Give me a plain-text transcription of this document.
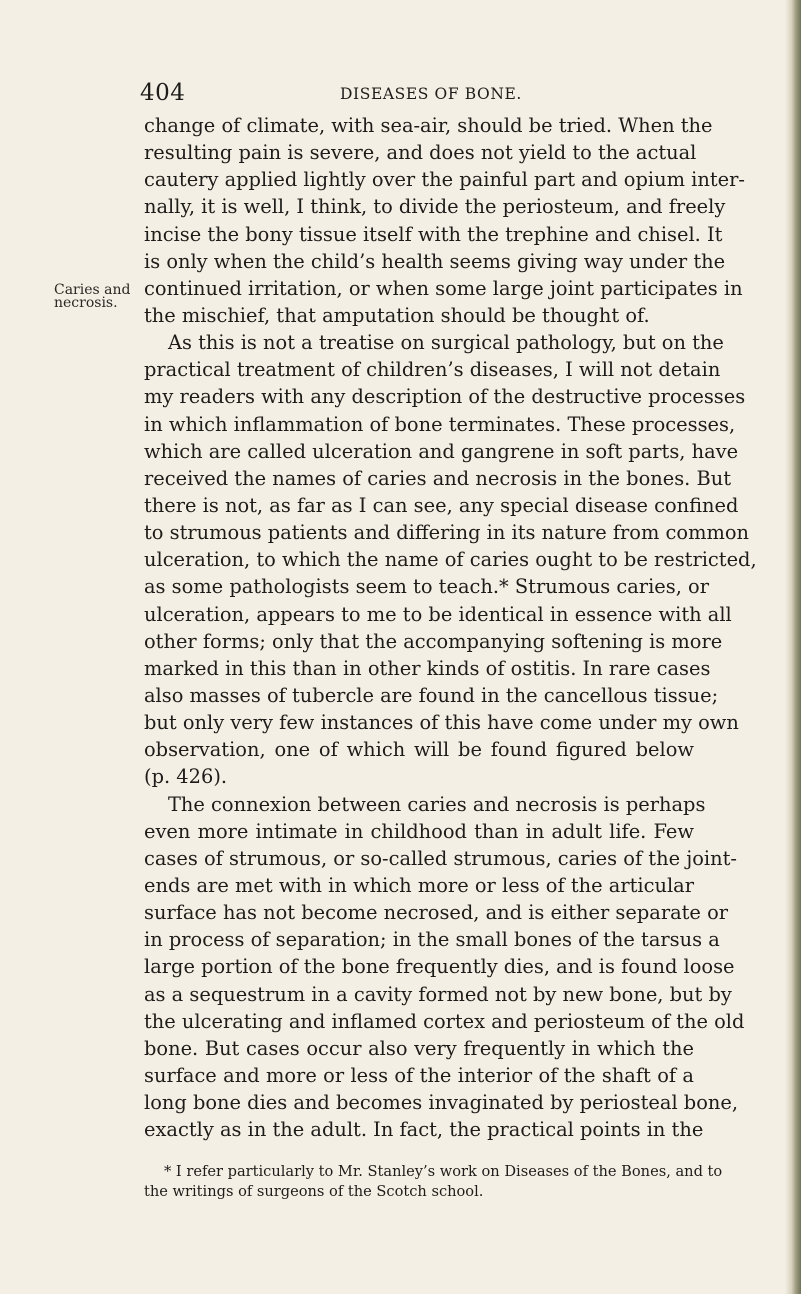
404	DISEASES OF BONE.
Caries and
necrosis.
change of climate, with sea-air, should be tried. When the
resulting pain is severe, and does not yield to the actual
cautery applied lightly over the painful part and opium inter-
nally, it is well, I think, to divide the periosteum, and freely
incise the bony tissue itself with the trephine and chisel. It
is only when the child’s health seems giving way under the
continued irritation, or when some large joint participates in
the mischief, that amputation should be thought of.
As this is not a treatise on surgical pathology, but on the
practical treatment of children’s diseases, I will not detain
my readers with any description of the destructive processes
in which inflammation of bone terminates. These processes,
which are called ulceration and gangrene in soft parts, have
received the names of caries and necrosis in the bones. But
there is not, as far as I can see, any special disease confined
to strumous patients and differing in its nature from common
ulceration, to which the name of caries ought to be restricted,
as some pathologists seem to teach.* Strumous caries, or
ulceration, appears to me to be identical in essence with all
other forms; only that the accompanying softening is more
marked in this than in other kinds of ostitis. In rare cases
also masses of tubercle are found in the cancellous tissue;
but only very few instances of this have come under my own
observation, one of which will be found figured below
(p. 426).
The connexion between caries and necrosis is perhaps
even more intimate in childhood than in adult life. Few
cases of strumous, or so-called strumous, caries of the joint-
ends are met with in which more or less of the articular
surface has not become necrosed, and is either separate or
in process of separation; in the small bones of the tarsus a
large portion of the bone frequently dies, and is found loose
as a sequestrum in a cavity formed not by new bone, but by
the ulcerating and inflamed cortex and periosteum of the old
bone. But cases occur also very frequently in which the
surface and more or less of the interior of the shaft of a
long bone dies and becomes invaginated by periosteal bone,
exactly as in the adult. In fact, the practical points in the
* I refer particularly to Mr. Stanley’s work on Diseases of the Bones, and to
the writings of surgeons of the Scotch school.
